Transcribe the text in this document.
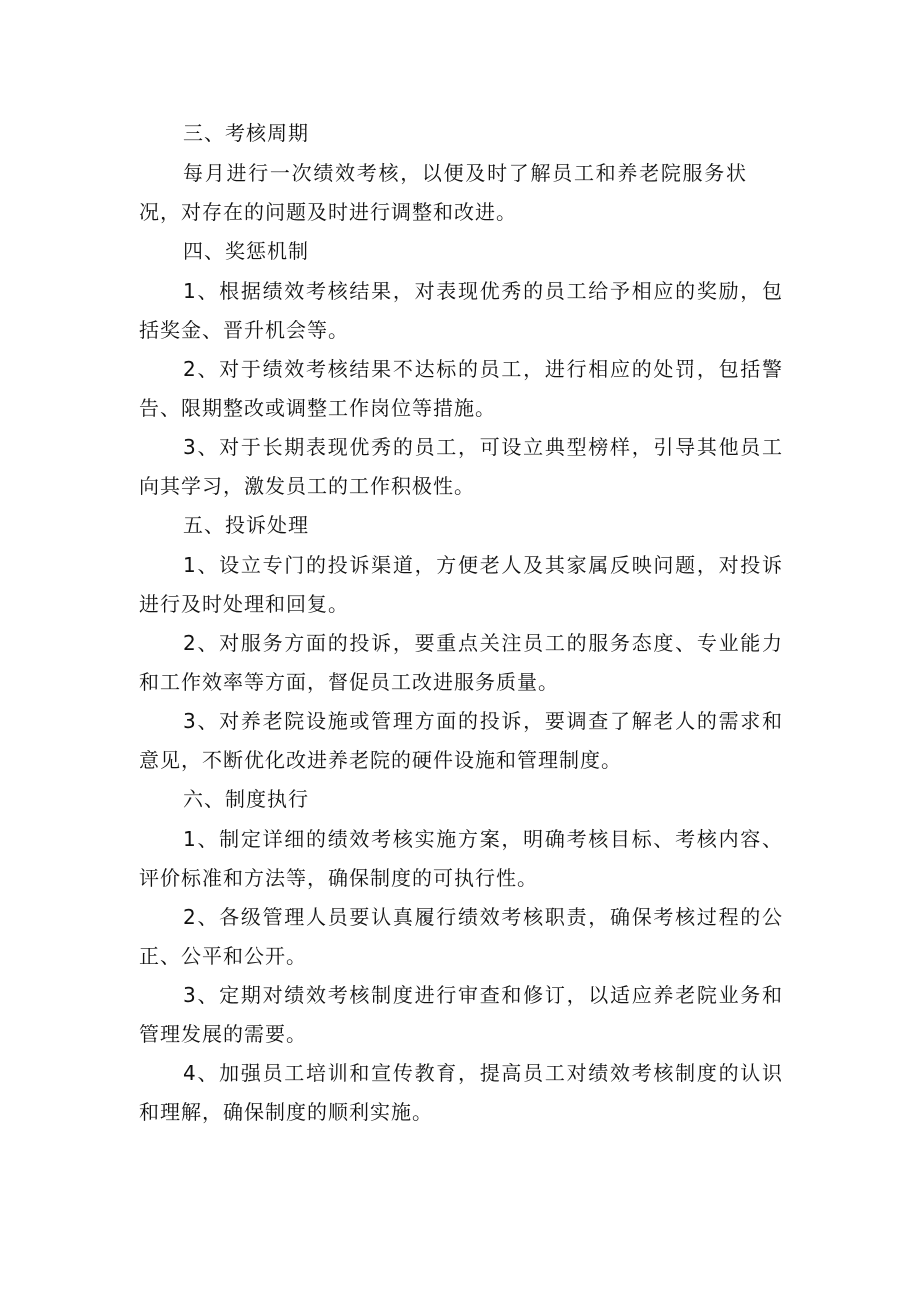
三、考核周期

每月进行一次绩效考核，以便及时了解员工和养老院服务状况，对存在的问题及时进行调整和改进。

四、奖惩机制

1、根据绩效考核结果，对表现优秀的员工给予相应的奖励，包括奖金、晋升机会等。

2、对于绩效考核结果不达标的员工，进行相应的处罚，包括警告、限期整改或调整工作岗位等措施。

3、对于长期表现优秀的员工，可设立典型榜样，引导其他员工向其学习，激发员工的工作积极性。

五、投诉处理

1、设立专门的投诉渠道，方便老人及其家属反映问题，对投诉进行及时处理和回复。

2、对服务方面的投诉，要重点关注员工的服务态度、专业能力和工作效率等方面，督促员工改进服务质量。

3、对养老院设施或管理方面的投诉，要调查了解老人的需求和意见，不断优化改进养老院的硬件设施和管理制度。

六、制度执行

1、制定详细的绩效考核实施方案，明确考核目标、考核内容、评价标准和方法等，确保制度的可执行性。

2、各级管理人员要认真履行绩效考核职责，确保考核过程的公正、公平和公开。

3、定期对绩效考核制度进行审查和修订，以适应养老院业务和管理发展的需要。

4、加强员工培训和宣传教育，提高员工对绩效考核制度的认识和理解，确保制度的顺利实施。
